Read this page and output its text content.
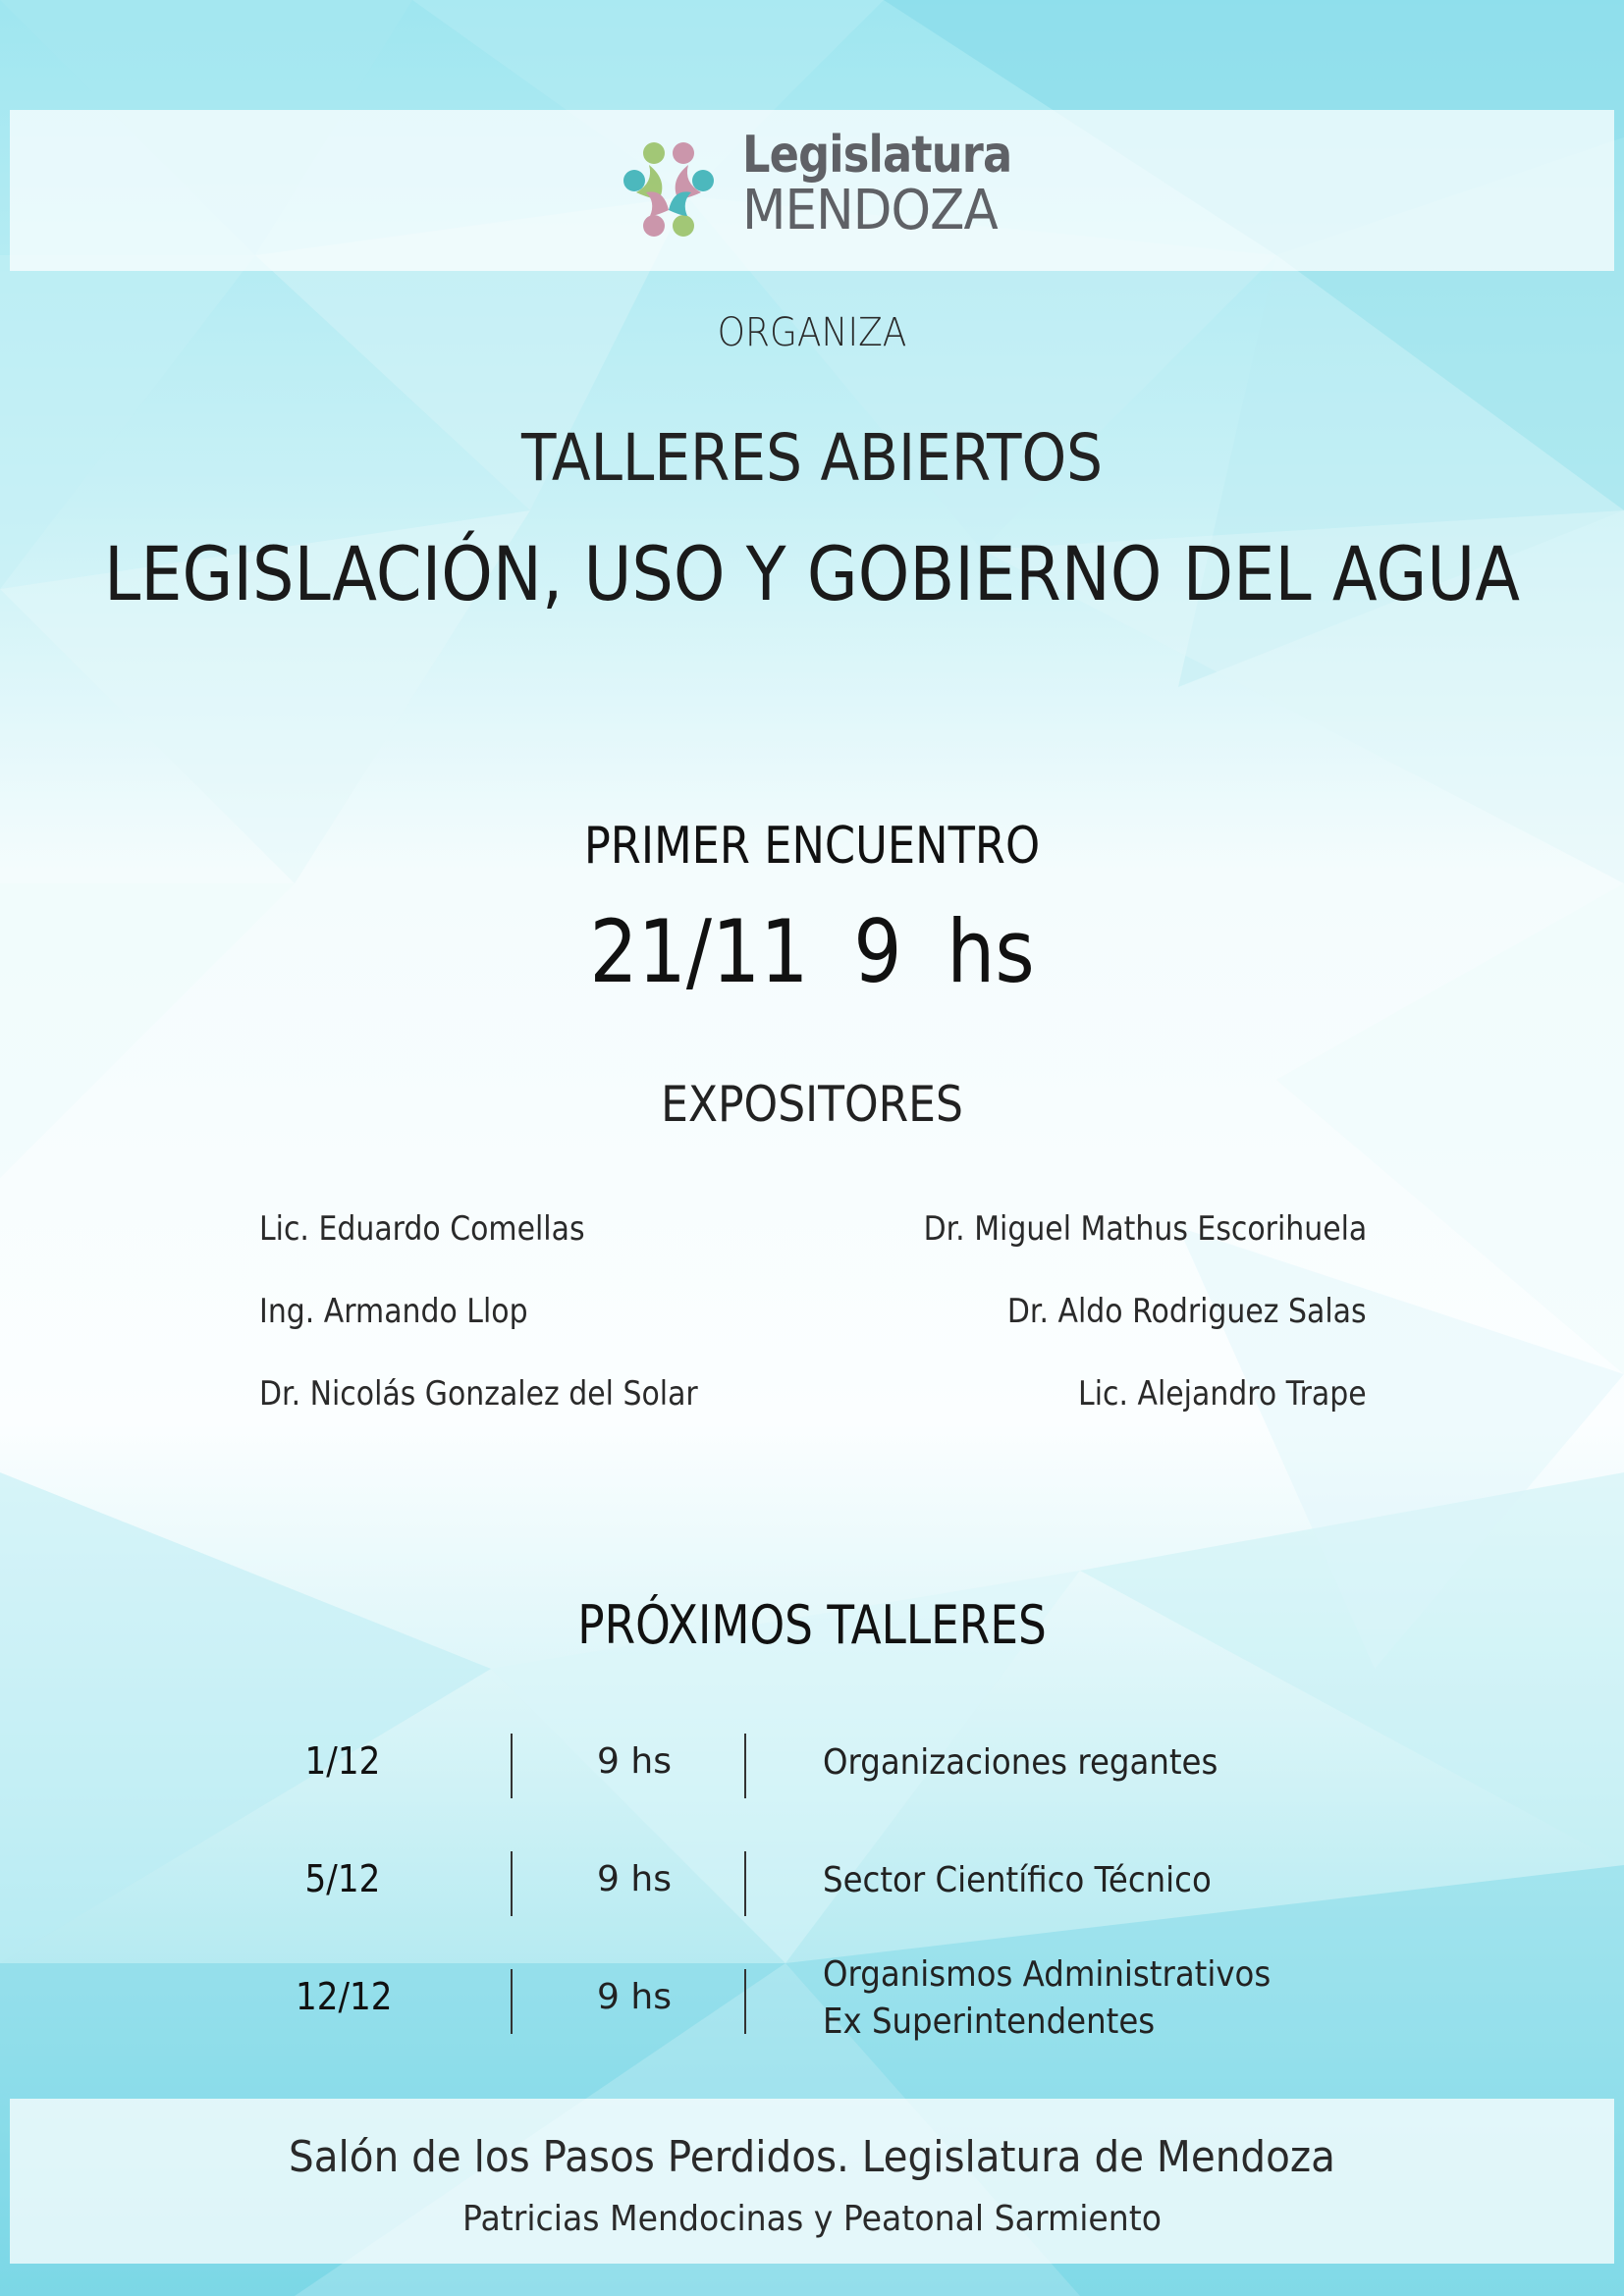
Legislatura
MENDOZA
ORGANIZA
TALLERES ABIERTOS
LEGISLACIÓN, USO Y GOBIERNO DEL AGUA
PRIMER ENCUENTRO
21/11 9 hs
EXPOSITORES
Lic. Eduardo Comellas
Ing. Armando Llop
Dr. Nicolás Gonzalez del Solar
Dr. Miguel Mathus Escorihuela
Dr. Aldo Rodriguez Salas
Lic. Alejandro Trape
PRÓXIMOS TALLERES
1/12	9 hs	Organizaciones regantes
5/12	9 hs	Sector Científico Técnico
12/12	9 hs
Organismos Administrativos
Ex Superintendentes
Salón de los Pasos Perdidos. Legislatura de Mendoza
Patricias Mendocinas y Peatonal Sarmiento
